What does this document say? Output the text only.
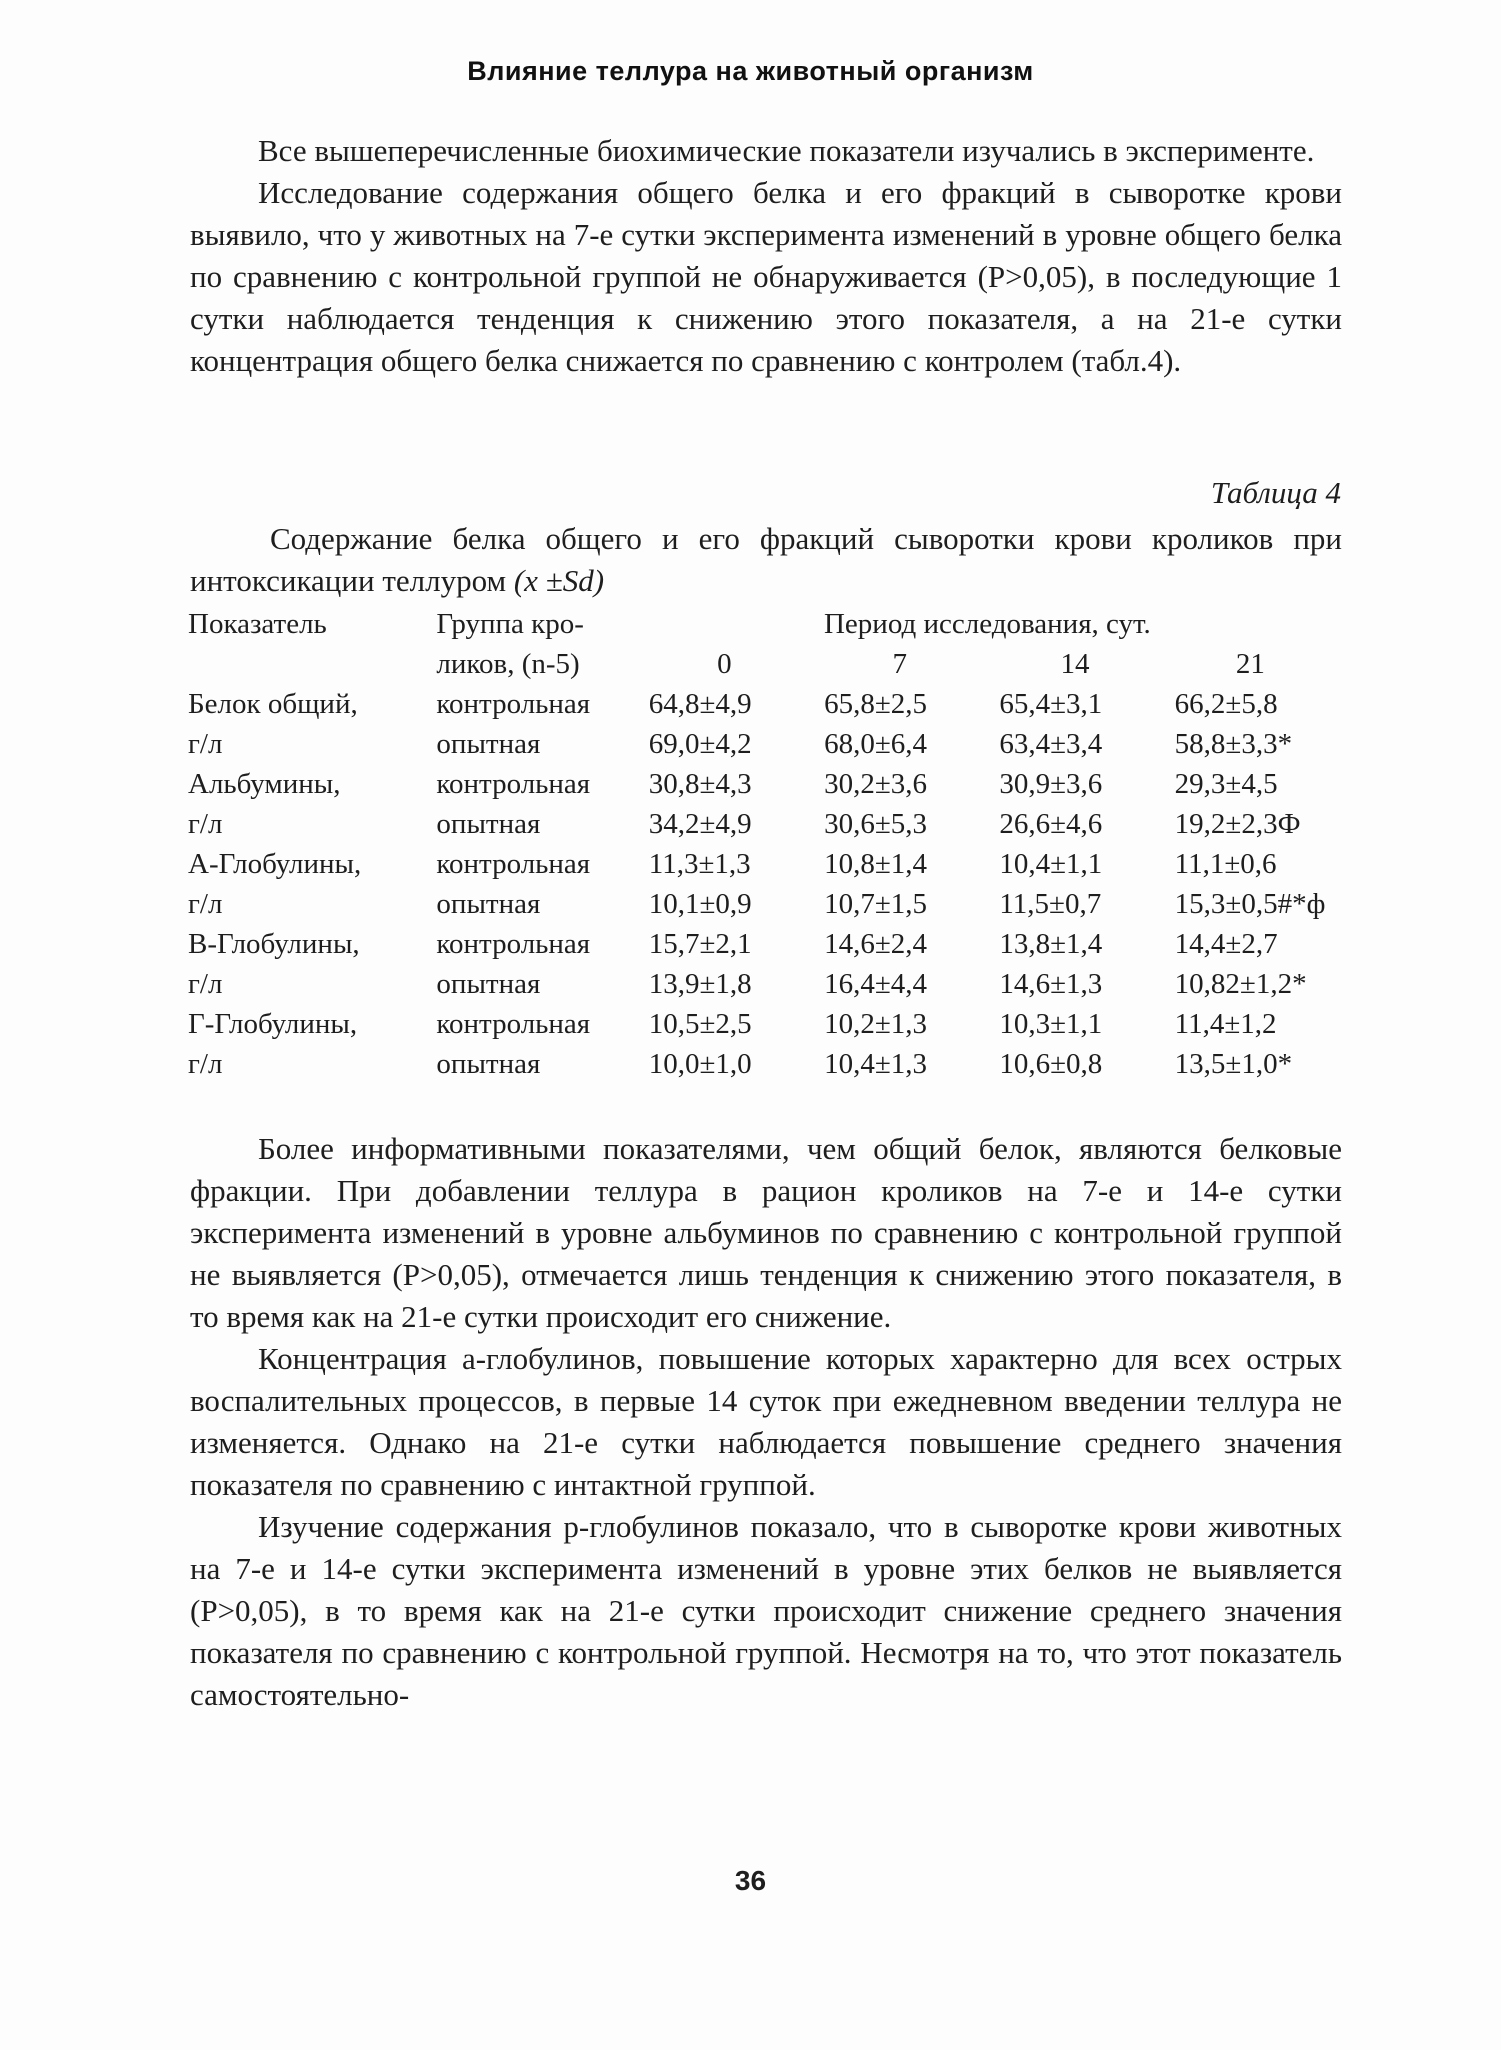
Влияние теллура на животный организм

Все вышеперечисленные биохимические показатели изучались в эксперименте.

Исследование содержания общего белка и его фракций в сыворотке крови выявило, что у животных на 7-е сутки эксперимента изменений в уровне общего белка по сравнению с контрольной группой не обнаруживается (Р>0,05), в последующие 1 сутки наблюдается тенденция к снижению этого показателя, а на 21-е сутки концентрация общего белка снижается по сравнению с контролем (табл.4).

Таблица 4

Содержание белка общего и его фракций сыворотки крови кроликов при интоксикации теллуром (x ±Sd)

Показатель	Группа кро-	Период исследования, сут.			
	ликов, (n-5)	0	7	14	21
Белок общий,	контрольная	64,8±4,9	65,8±2,5	65,4±3,1	66,2±5,8
г/л	опытная	69,0±4,2	68,0±6,4	63,4±3,4	58,8±3,3*
Альбумины,	контрольная	30,8±4,3	30,2±3,6	30,9±3,6	29,3±4,5
г/л	опытная	34,2±4,9	30,6±5,3	26,6±4,6	19,2±2,3Ф
А-Глобулины,	контрольная	11,3±1,3	10,8±1,4	10,4±1,1	11,1±0,6
г/л	опытная	10,1±0,9	10,7±1,5	11,5±0,7	15,3±0,5#*ф
В-Глобулины,	контрольная	15,7±2,1	14,6±2,4	13,8±1,4	14,4±2,7
г/л	опытная	13,9±1,8	16,4±4,4	14,6±1,3	10,82±1,2*
Г-Глобулины,	контрольная	10,5±2,5	10,2±1,3	10,3±1,1	11,4±1,2
г/л	опытная	10,0±1,0	10,4±1,3	10,6±0,8	13,5±1,0*

Более информативными показателями, чем общий белок, являются белковые фракции. При добавлении теллура в рацион кроликов на 7-е и 14-е сутки эксперимента изменений в уровне альбуминов по сравнению с контрольной группой не выявляется (Р>0,05), отмечается лишь тенденция к снижению этого показателя, в то время как на 21-е сутки происходит его снижение.

Концентрация а-глобулинов, повышение которых характерно для всех острых воспалительных процессов, в первые 14 суток при ежедневном введении теллура не изменяется. Однако на 21-е сутки наблюдается повышение среднего значения показателя по сравнению с интактной группой.

Изучение содержания р-глобулинов показало, что в сыворотке крови животных на 7-е и 14-е сутки эксперимента изменений в уровне этих белков не выявляется (Р>0,05), в то время как на 21-е сутки происходит снижение среднего значения показателя по сравнению с контрольной группой. Несмотря на то, что этот показатель самостоятельно-

36
